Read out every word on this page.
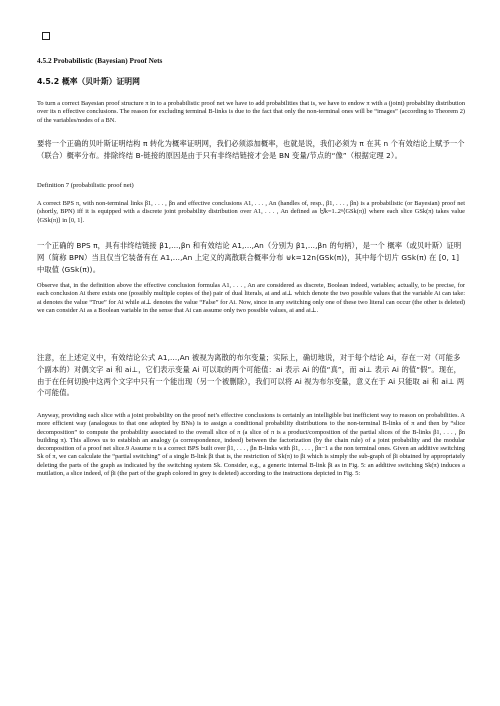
4.5.2 Probabilistic (Bayesian) Proof Nets

4.5.2 概率（贝叶斯）证明网

To turn a correct Bayesian proof structure π in to a probabilistic proof net we have to add probabilities that is, we have to endow π with a (joint) probability distribution over its n effective conclusions. The reason for excluding terminal B-links is due to the fact that only the non-terminal ones will be “images” (according to Theorem 2) of the variables/nodes of a BN.

要将一个正确的贝叶斯证明结构 π 转化为概率证明网，我们必须添加概率，也就是说，我们必须为 π 在其 n 个有效结论上赋予一个（联合）概率分布。排除终结 B-链接的原因是由于只有非终结链接才会是 BN 变量/节点的“像”（根据定理 2）。

Definition 7 (probabilistic proof net)

A correct BPS π, with non-terminal links β1, . . . , βn and effective conclusions A1, . . . , An (handles of, resp., β1, . . . , βn) is a probabilistic (or Bayesian) proof net (shortly, BPN) iff it is equipped with a discrete joint probability distribution over A1, . . . , An defined as ⨄k=1..2ⁿ⟨GSk(π)⟩ where each slice GSk(π) takes value ⟨GSk(π)⟩ in [0, 1].

一个正确的 BPS π，具有非终结链接 β1,...,βn 和有效结论 A1,...,An（分别为 β1,...,βn 的句柄），是一个 概率（或贝叶斯）证明网（简称 BPN）当且仅当它装备有在 A1,...,An 上定义的离散联合概率分布 ⊎k=12n⟨GSk(π)⟩，其中每个切片 GSk(π) 在 [0, 1] 中取值 ⟨GSk(π)⟩。

Observe that, in the definition above the effective conclusion formulas A1, . . . , An are considered as discrete, Boolean indeed, variables; actually, to be precise, for each conclusion Ai there exists one (possibly multiple copies of the) pair of dual literals, ai and ai⊥ which denote the two possible values that the variable Ai can take: ai denotes the value “True” for Ai while ai⊥ denotes the value “False” for Ai. Now, since in any switching only one of these two literal can occur (the other is deleted) we can consider Ai as a Boolean variable in the sense that Ai can assume only two possible values, ai and ai⊥.

注意，在上述定义中，有效结论公式 A1,...,An 被视为离散的布尔变量；实际上，确切地说，对于每个结论 Ai，存在一对（可能多个副本的）对偶文字 ai 和 ai⊥，它们表示变量 Ai 可以取的两个可能值：ai 表示 Ai 的值“真”，而 ai⊥ 表示 Ai 的值“假”。现在，由于在任何切换中这两个文字中只有一个能出现（另一个被删除），我们可以将 Ai 视为布尔变量，意义在于 Ai 只能取 ai 和 ai⊥ 两个可能值。

Anyway, providing each slice with a joint probability on the proof net’s effective conclusions is certainly an intelligible but inefficient way to reason on probabilities. A more efficient way (analogous to that one adopted by BNs) is to assign a conditional probability distributions to the non-terminal B-links of π and then by “slice decomposition” to compute the probability associated to the overall slice of π (a slice of π is a product/composition of the partial slices of the B-links β1, . . . , βn building π). This allows us to establish an analogy (a correspondence, indeed) between the factorization (by the chain rule) of a joint probability and the modular decomposition of a proof net slice.9 Assume π is a correct BPS built over β1, . . . , βn B-links with β1, . . . , βn−1 a the non terminal ones. Given an additive switching Sk of π, we can calculate the “partial switching” of a single B-link βi that is, the restriction of Sk(π) to βi which is simply the sub-graph of βi obtained by appropriately deleting the parts of the graph as indicated by the switching system Sk. Consider, e.g., a generic internal B-link βi as in Fig. 5: an additive switching Sk(π) induces a mutilation, a slice indeed, of βi (the part of the graph colored in grey is deleted) according to the instructions depicted in Fig. 5:
